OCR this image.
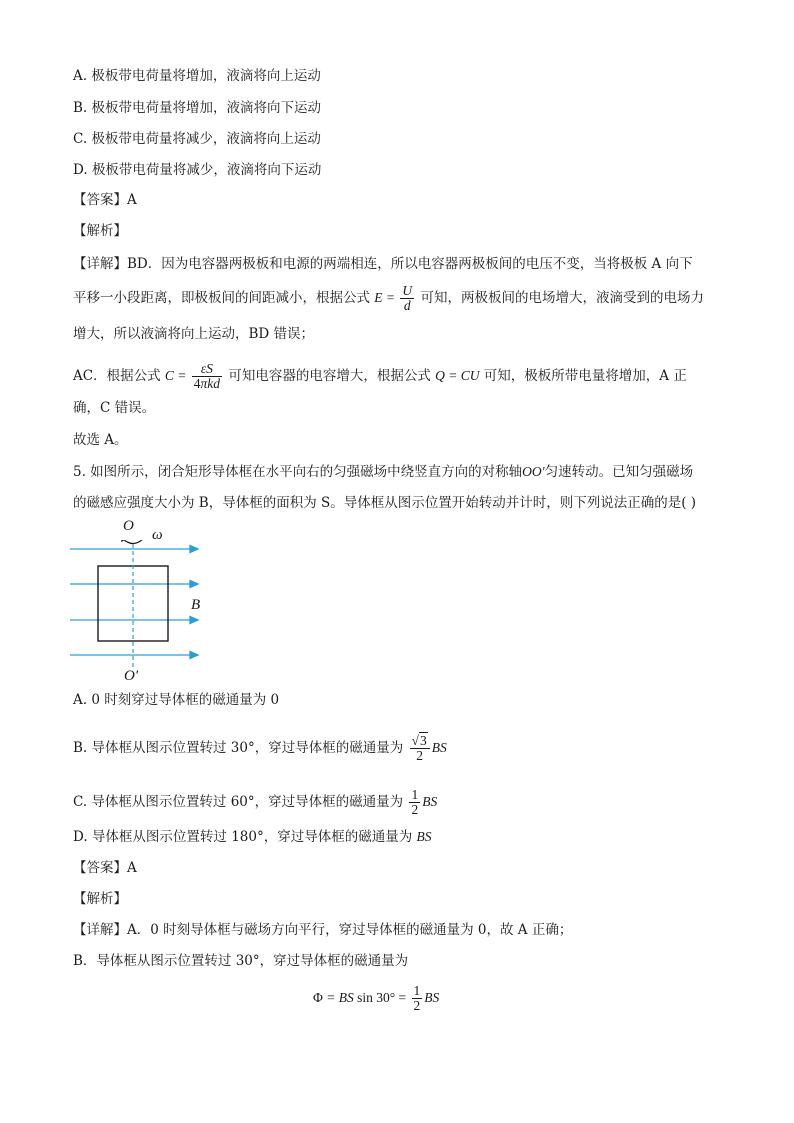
A. 极板带电荷量将增加，液滴将向上运动
B. 极板带电荷量将增加，液滴将向下运动
C. 极板带电荷量将减少，液滴将向上运动
D. 极板带电荷量将减少，液滴将向下运动
【答案】A
【解析】
【详解】BD．因为电容器两极板和电源的两端相连，所以电容器两极板间的电压不变，当将极板 A 向下
平移一小段距离，即极板间的间距减小，根据公式 $E = \frac{U}{d}$ 可知，两极板间的电场增大，液滴受到的电场力
增大，所以液滴将向上运动，BD 错误；
AC．根据公式 $C = \frac{\varepsilon S}{\text{4πkd}}$ 可知电容器的电容增大，根据公式 Q = CU 可知，极板所带电量将增加，A 正
确，C 错误。
故选 A。
5. 如图所示，闭合矩形导体框在水平向右的匀强磁场中绕竖直方向的对称轴OO′匀速转动。已知匀强磁场
的磁感应强度大小为 B，导体框的面积为 S。导体框从图示位置开始转动并计时，则下列说法正确的是( )
O
ω
B
O′
A. 0 时刻穿过导体框的磁通量为 0
B. 导体框从图示位置转过 30°，穿过导体框的磁通量为 $\frac{√3}{2}$ BS
C. 导体框从图示位置转过 60°，穿过导体框的磁通量为 $\frac{1}{2}$ BS
D. 导体框从图示位置转过 180°，穿过导体框的磁通量为 BS
【答案】A
【解析】
【详解】A．0 时刻导体框与磁场方向平行，穿过导体框的磁通量为 0，故 A 正确；
B．导体框从图示位置转过 30°，穿过导体框的磁通量为
Φ = BS $\sin 30^\circ = \frac{1}{2}$ BS
